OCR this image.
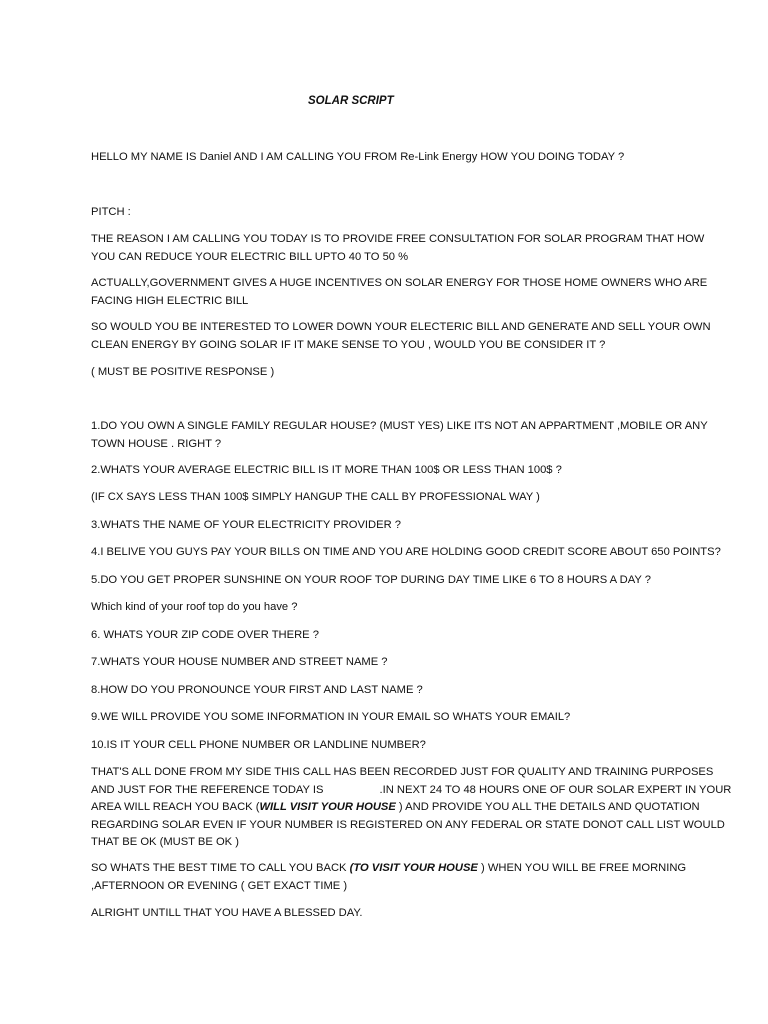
SOLAR SCRIPT

HELLO MY NAME IS Daniel AND I AM CALLING YOU FROM Re-Link Energy HOW YOU DOING TODAY ?

PITCH :

THE REASON I AM CALLING YOU TODAY IS TO PROVIDE FREE CONSULTATION FOR SOLAR PROGRAM THAT HOW
YOU CAN REDUCE YOUR ELECTRIC BILL UPTO 40 TO 50 %

ACTUALLY,GOVERNMENT GIVES A HUGE INCENTIVES ON SOLAR ENERGY FOR THOSE HOME OWNERS WHO ARE
FACING HIGH ELECTRIC BILL

SO WOULD YOU BE INTERESTED TO LOWER DOWN YOUR ELECTERIC BILL AND GENERATE AND SELL YOUR OWN
CLEAN ENERGY BY GOING SOLAR IF IT MAKE SENSE TO YOU , WOULD YOU BE CONSIDER IT ?

( MUST BE POSITIVE RESPONSE )

1.DO YOU OWN A SINGLE FAMILY REGULAR HOUSE? (MUST YES) LIKE ITS NOT AN APPARTMENT ,MOBILE OR ANY
TOWN HOUSE . RIGHT ?

2.WHATS YOUR AVERAGE ELECTRIC BILL IS IT MORE THAN 100$ OR LESS THAN 100$ ?

(IF CX SAYS LESS THAN 100$ SIMPLY HANGUP THE CALL BY PROFESSIONAL WAY )

3.WHATS THE NAME OF YOUR ELECTRICITY PROVIDER ?

4.I BELIVE YOU GUYS PAY YOUR BILLS ON TIME AND YOU ARE HOLDING GOOD CREDIT SCORE ABOUT 650 POINTS?

5.DO YOU GET PROPER SUNSHINE ON YOUR ROOF TOP DURING DAY TIME LIKE 6 TO 8 HOURS A DAY ?

Which kind of your roof top do you have ?

6. WHATS YOUR ZIP CODE OVER THERE ?

7.WHATS YOUR HOUSE NUMBER AND STREET NAME ?

8.HOW DO YOU PRONOUNCE YOUR FIRST AND LAST NAME ?

9.WE WILL PROVIDE YOU SOME INFORMATION IN YOUR EMAIL SO WHATS YOUR EMAIL?

10.IS IT YOUR CELL PHONE NUMBER OR LANDLINE NUMBER?

THAT'S ALL DONE FROM MY SIDE THIS CALL HAS BEEN RECORDED JUST FOR QUALITY AND TRAINING PURPOSES
AND JUST FOR THE REFERENCE TODAY IS	.IN NEXT 24 TO 48 HOURS ONE OF OUR SOLAR EXPERT IN YOUR
AREA WILL REACH YOU BACK (WILL VISIT YOUR HOUSE ) AND PROVIDE YOU ALL THE DETAILS AND QUOTATION
REGARDING SOLAR EVEN IF YOUR NUMBER IS REGISTERED ON ANY FEDERAL OR STATE DONOT CALL LIST WOULD
THAT BE OK (MUST BE OK )

SO WHATS THE BEST TIME TO CALL YOU BACK (TO VISIT YOUR HOUSE ) WHEN YOU WILL BE FREE MORNING
,AFTERNOON OR EVENING ( GET EXACT TIME )

ALRIGHT UNTILL THAT YOU HAVE A BLESSED DAY.
